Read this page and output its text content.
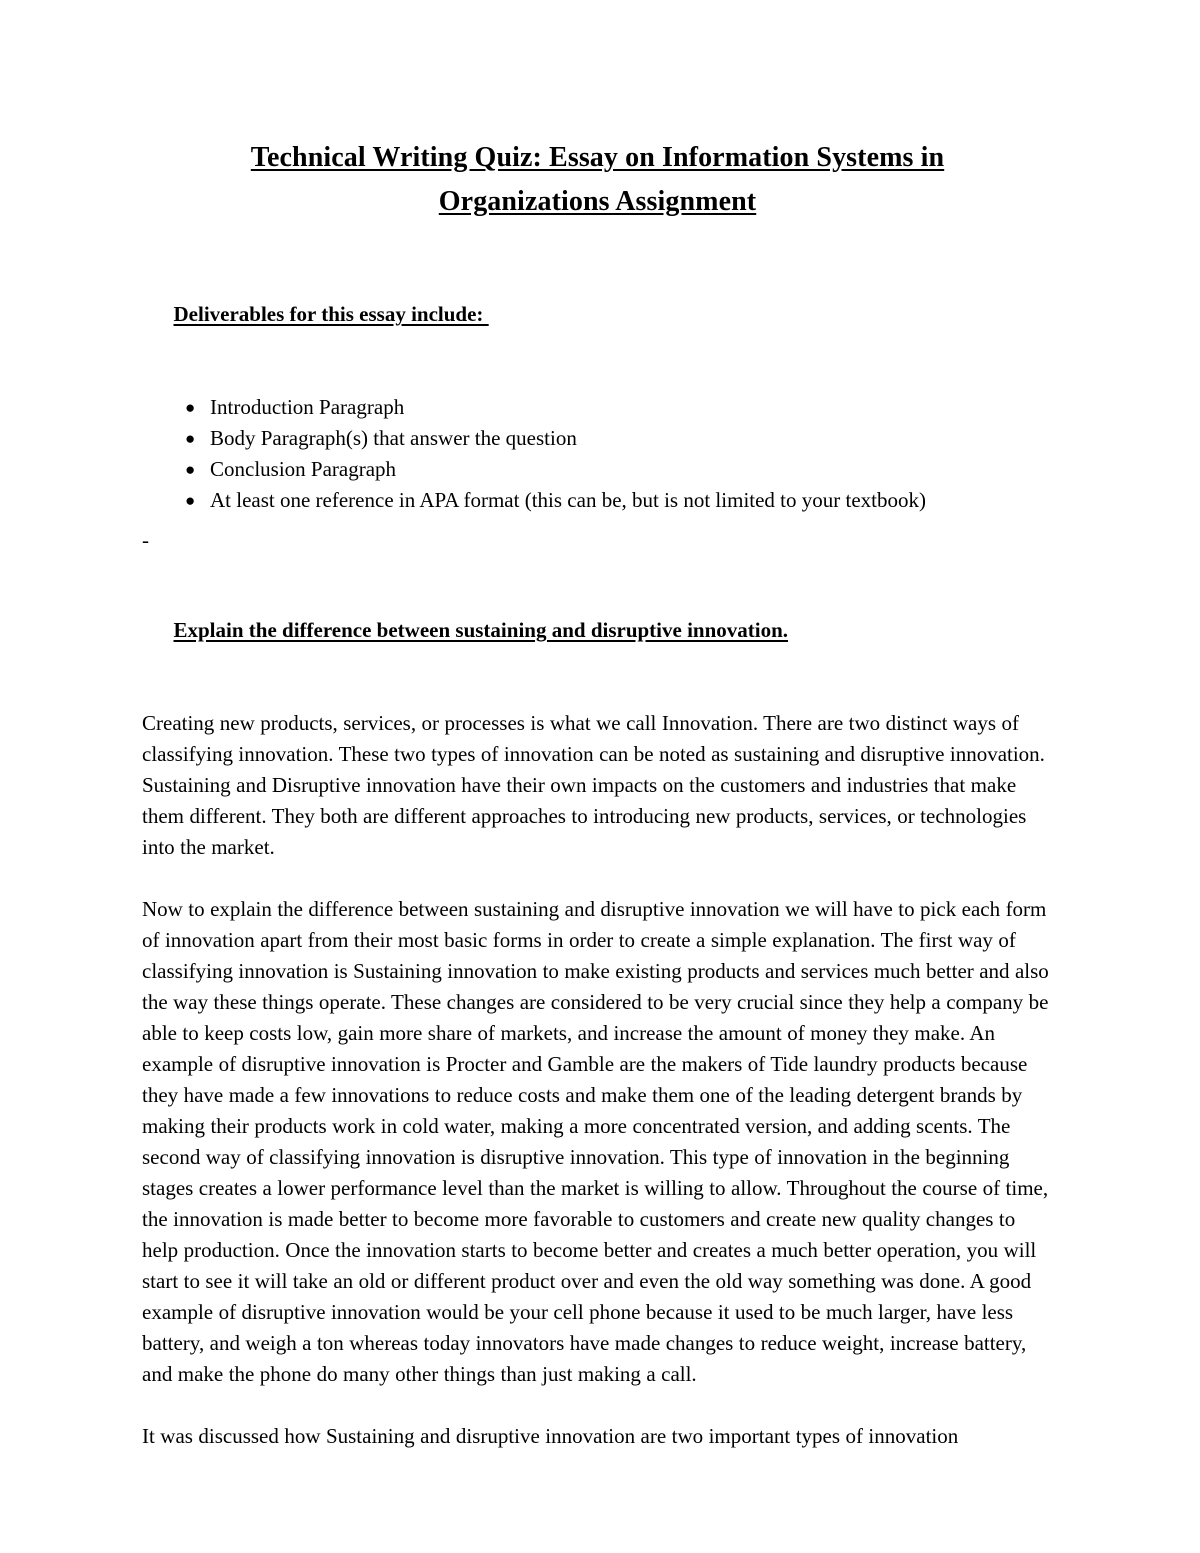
Technical Writing Quiz: Essay on Information Systems in
Organizations Assignment

Deliverables for this essay include:

● Introduction Paragraph
● Body Paragraph(s) that answer the question
● Conclusion Paragraph
● At least one reference in APA format (this can be, but is not limited to your textbook)
-

Explain the difference between sustaining and disruptive innovation.

Creating new products, services, or processes is what we call Innovation. There are two distinct ways of classifying innovation. These two types of innovation can be noted as sustaining and disruptive innovation. Sustaining and Disruptive innovation have their own impacts on the customers and industries that make them different. They both are different approaches to introducing new products, services, or technologies into the market.

Now to explain the difference between sustaining and disruptive innovation we will have to pick each form of innovation apart from their most basic forms in order to create a simple explanation. The first way of classifying innovation is Sustaining innovation to make existing products and services much better and also the way these things operate. These changes are considered to be very crucial since they help a company be able to keep costs low, gain more share of markets, and increase the amount of money they make. An example of disruptive innovation is Procter and Gamble are the makers of Tide laundry products because they have made a few innovations to reduce costs and make them one of the leading detergent brands by making their products work in cold water, making a more concentrated version, and adding scents. The second way of classifying innovation is disruptive innovation. This type of innovation in the beginning stages creates a lower performance level than the market is willing to allow. Throughout the course of time, the innovation is made better to become more favorable to customers and create new quality changes to help production. Once the innovation starts to become better and creates a much better operation, you will start to see it will take an old or different product over and even the old way something was done. A good example of disruptive innovation would be your cell phone because it used to be much larger, have less battery, and weigh a ton whereas today innovators have made changes to reduce weight, increase battery, and make the phone do many other things than just making a call.

It was discussed how Sustaining and disruptive innovation are two important types of innovation
